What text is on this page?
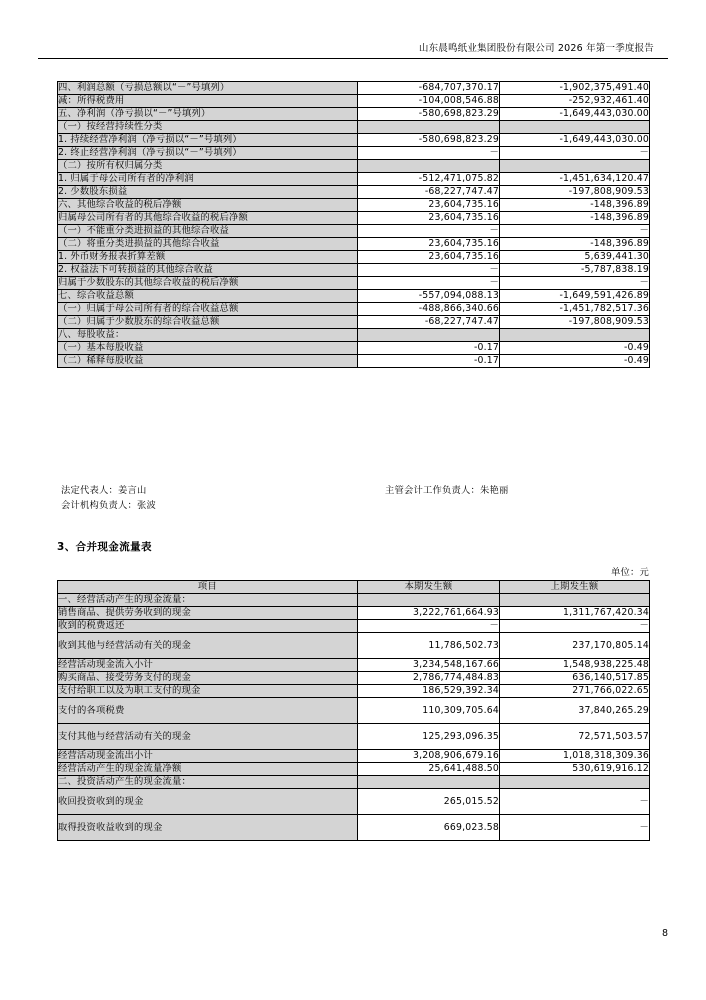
山东晨鸣纸业集团股份有限公司 2026 年第一季度报告
四、利润总额（亏损总额以“－”号填列）	-684,707,370.17	-1,902,375,491.40
减：所得税费用	-104,008,546.88	-252,932,461.40
五、净利润（净亏损以“－”号填列）	-580,698,823.29	-1,649,443,030.00
（一）按经营持续性分类		
1. 持续经营净利润（净亏损以“－”号填列）	-580,698,823.29	-1,649,443,030.00
2. 终止经营净利润（净亏损以“－”号填列）	－	－
（二）按所有权归属分类		
1. 归属于母公司所有者的净利润	-512,471,075.82	-1,451,634,120.47
2. 少数股东损益	-68,227,747.47	-197,808,909.53
六、其他综合收益的税后净额	23,604,735.16	-148,396.89
归属母公司所有者的其他综合收益的税后净额	23,604,735.16	-148,396.89
（一）不能重分类进损益的其他综合收益	－	－
（二）将重分类进损益的其他综合收益	23,604,735.16	-148,396.89
1. 外币财务报表折算差额	23,604,735.16	5,639,441.30
2. 权益法下可转损益的其他综合收益	－	-5,787,838.19
归属于少数股东的其他综合收益的税后净额	－	－
七、综合收益总额	-557,094,088.13	-1,649,591,426.89
（一）归属于母公司所有者的综合收益总额	-488,866,340.66	-1,451,782,517.36
（二）归属于少数股东的综合收益总额	-68,227,747.47	-197,808,909.53
八、每股收益：		
（一）基本每股收益	-0.17	-0.49
（二）稀释每股收益	-0.17	-0.49
法定代表人：姜言山	主管会计工作负责人：朱艳丽
会计机构负责人：张波
3、合并现金流量表
单位：元
项目	本期发生额	上期发生额
一、经营活动产生的现金流量：		
销售商品、提供劳务收到的现金	3,222,761,664.93	1,311,767,420.34
收到的税费返还	－	－
收到其他与经营活动有关的现金	11,786,502.73	237,170,805.14
经营活动现金流入小计	3,234,548,167.66	1,548,938,225.48
购买商品、接受劳务支付的现金	2,786,774,484.83	636,140,517.85
支付给职工以及为职工支付的现金	186,529,392.34	271,766,022.65
支付的各项税费	110,309,705.64	37,840,265.29
支付其他与经营活动有关的现金	125,293,096.35	72,571,503.57
经营活动现金流出小计	3,208,906,679.16	1,018,318,309.36
经营活动产生的现金流量净额	25,641,488.50	530,619,916.12
二、投资活动产生的现金流量：		
收回投资收到的现金	265,015.52	－
取得投资收益收到的现金	669,023.58	－
8
